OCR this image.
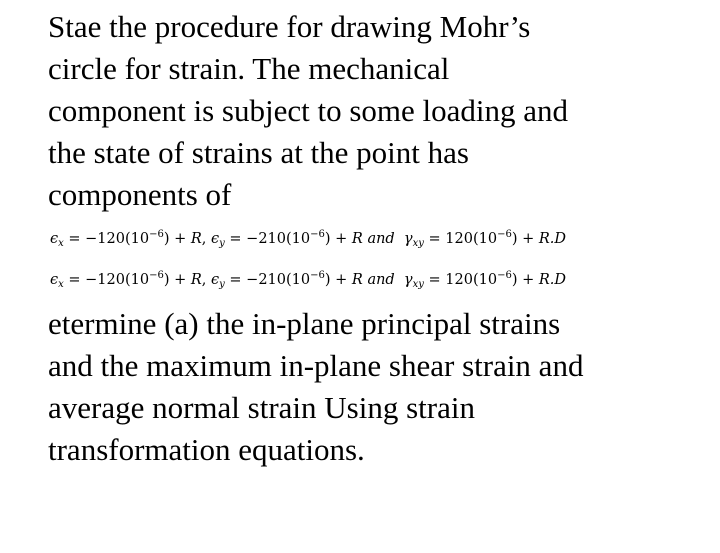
Stae the procedure for drawing Mohr’s
circle for strain. The mechanical
component is subject to some loading and
the state of strains at the point has
components of

$\epsilon_x = -120(10^{-6}) + R$, $\epsilon_y = -210(10^{-6}) + R$ and $\gamma_{xy} = 120(10^{-6}) + R.D$
$\epsilon_x = -120(10^{-6}) + R$, $\epsilon_y = -210(10^{-6}) + R$ and $\gamma_{xy} = 120(10^{-6}) + R.D$

etermine (a) the in-plane principal strains
and the maximum in-plane shear strain and
average normal strain Using strain
transformation equations.
